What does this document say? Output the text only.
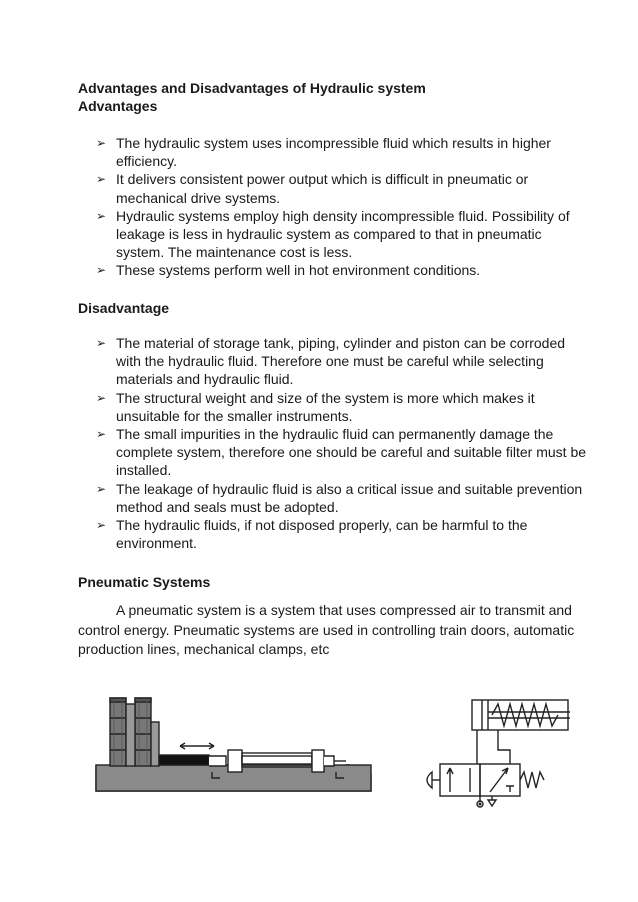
Advantages and Disadvantages of Hydraulic system
Advantages
➢ The hydraulic system uses incompressible fluid which results in higher efficiency.
➢ It delivers consistent power output which is difficult in pneumatic or mechanical drive systems.
➢ Hydraulic systems employ high density incompressible fluid. Possibility of leakage is less in hydraulic system as compared to that in pneumatic system. The maintenance cost is less.
➢ These systems perform well in hot environment conditions.
Disadvantage
➢ The material of storage tank, piping, cylinder and piston can be corroded with the hydraulic fluid. Therefore one must be careful while selecting materials and hydraulic fluid.
➢ The structural weight and size of the system is more which makes it unsuitable for the smaller instruments.
➢ The small impurities in the hydraulic fluid can permanently damage the complete system, therefore one should be careful and suitable filter must be installed.
➢ The leakage of hydraulic fluid is also a critical issue and suitable prevention method and seals must be adopted.
➢ The hydraulic fluids, if not disposed properly, can be harmful to the environment.
Pneumatic Systems

A pneumatic system is a system that uses compressed air to transmit and control energy. Pneumatic systems are used in controlling train doors, automatic production lines, mechanical clamps, etc
